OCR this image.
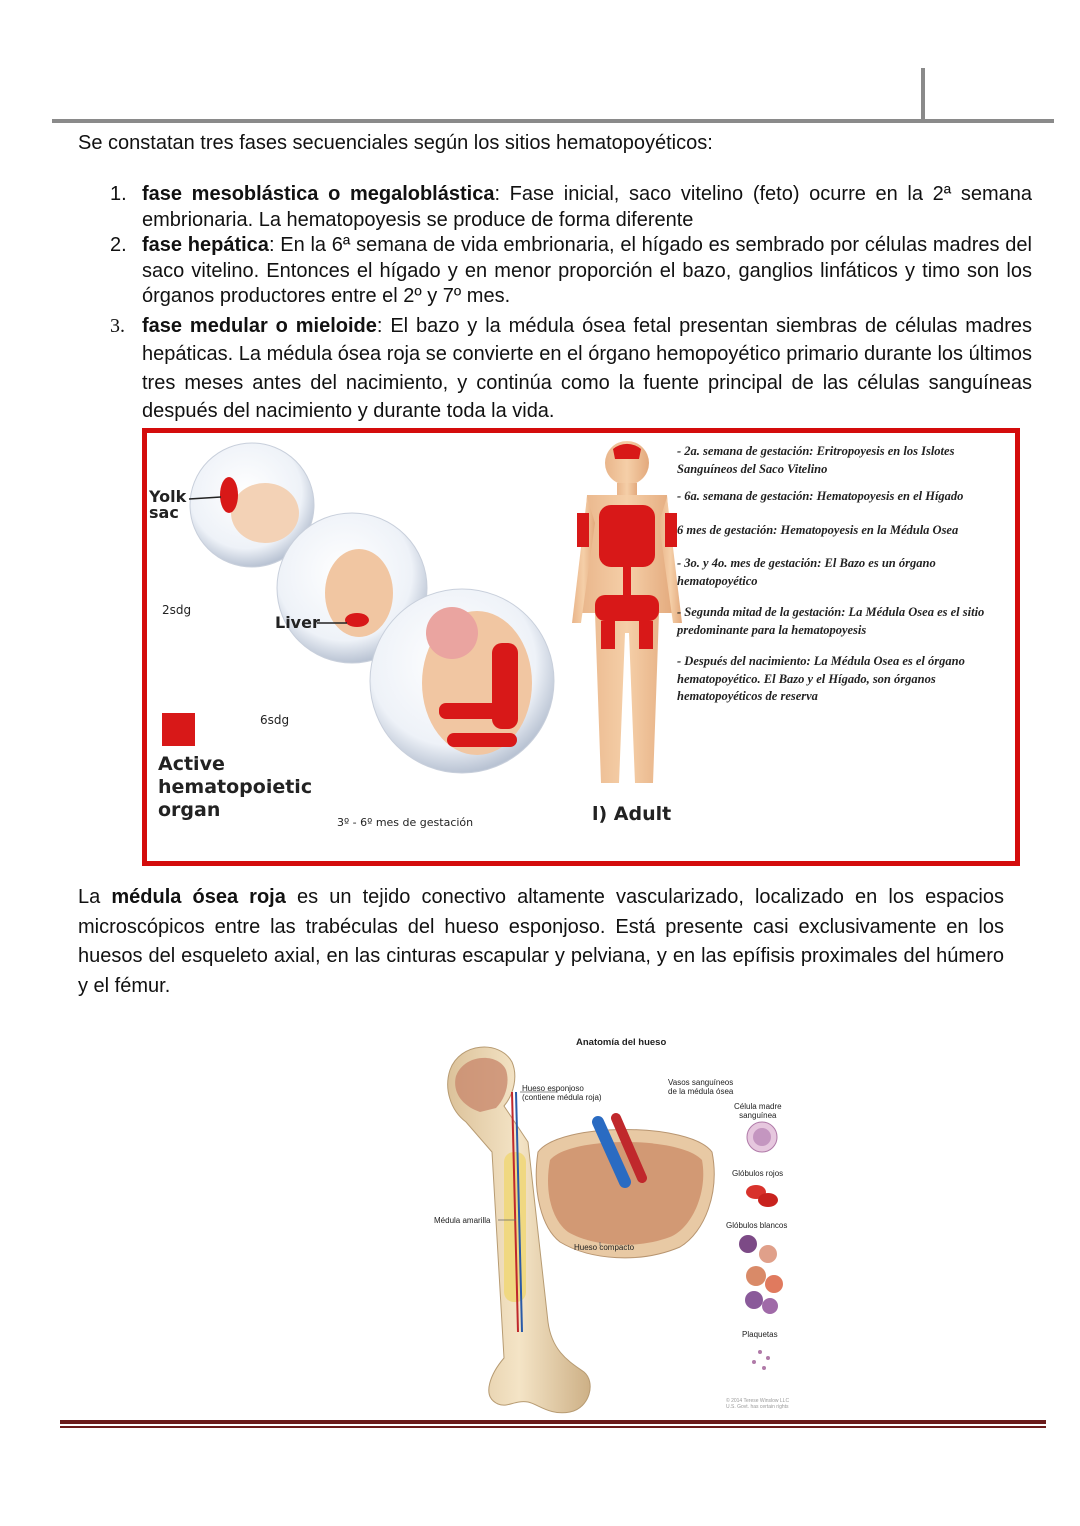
Se constatan tres fases secuenciales según los sitios hematopoyéticos:

1. fase mesoblástica o megaloblástica: Fase inicial, saco vitelino (feto) ocurre en la 2ª semana embrionaria. La hematopoyesis se produce de forma diferente
2. fase hepática: En la 6ª semana de vida embrionaria, el hígado es sembrado por células madres del saco vitelino. Entonces el hígado y en menor proporción el bazo, ganglios linfáticos y timo son los órganos productores entre el 2º y 7º mes.
3. fase medular o mieloide: El bazo y la médula ósea fetal presentan siembras de células madres hepáticas. La médula ósea roja se convierte en el órgano hemopoyético primario durante los últimos tres meses antes del nacimiento, y continúa como la fuente principal de las células sanguíneas después del nacimiento y durante toda la vida.
Yolk
sac
Liver
2sdg
6sdg
Active
hematopoietic
organ
3º - 6º mes de gestación	l) Adult
- 2a. semana de gestación: Eritropoyesis en los Islotes Sanguíneos del Saco Vitelino
- 6a. semana de gestación: Hematopoyesis en el Hígado
6 mes de gestación: Hematopoyesis en la Médula Osea
- 3o. y 4o. mes de gestación: El Bazo es un órgano hematopoyético
- Segunda mitad de la gestación: La Médula Osea es el sitio predominante para la hematopoyesis
- Después del nacimiento: La Médula Osea es el órgano hematopoyético. El Bazo y el Hígado, son órganos hematopoyéticos de reserva

La médula ósea roja es un tejido conectivo altamente vascularizado, localizado en los espacios microscópicos entre las trabéculas del hueso esponjoso. Está presente casi exclusivamente en los huesos del esqueleto axial, en las cinturas escapular y pelviana, y en las epífisis proximales del húmero y el fémur.

Anatomía del hueso
Hueso esponjoso
(contiene médula roja)
Vasos sanguíneos
de la médula ósea
Célula madre
sanguínea
Glóbulos rojos
Glóbulos blancos
Médula amarilla
Hueso compacto
Plaquetas
© 2014 Terese Winslow LLC
U.S. Govt. has certain rights
